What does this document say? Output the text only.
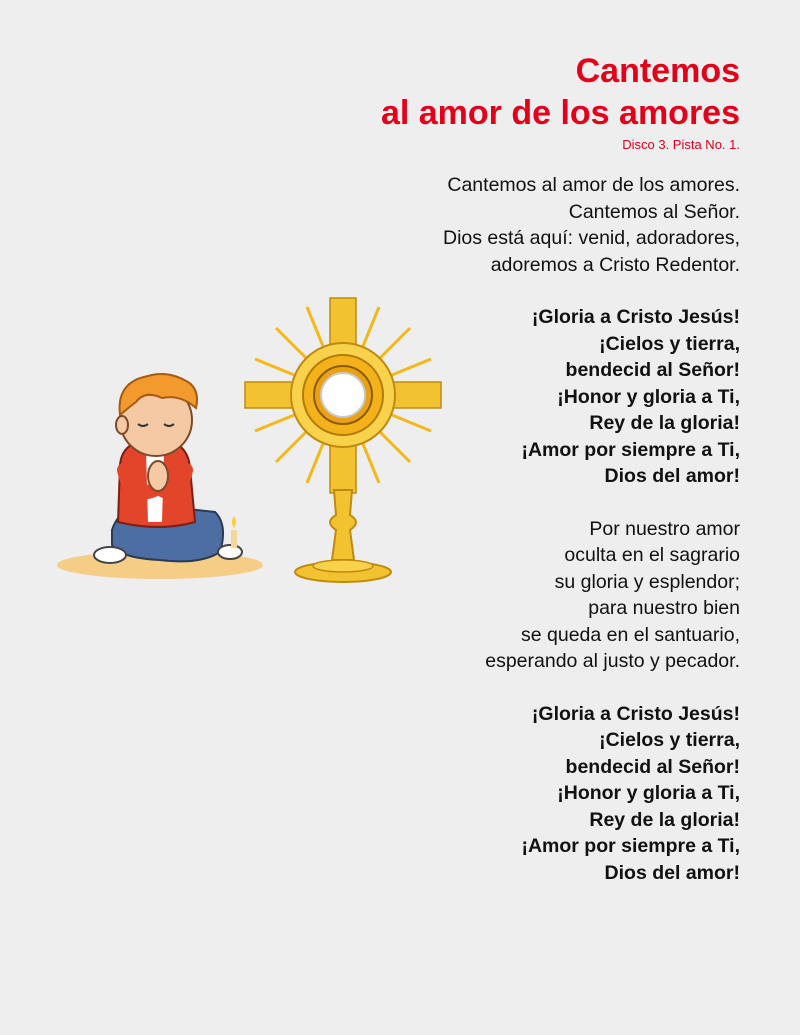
Cantemos
al amor de los amores
Disco 3. Pista No. 1.
Cantemos al amor de los amores.
Cantemos al Señor.
Dios está aquí: venid, adoradores,
adoremos a Cristo Redentor.
¡Gloria a Cristo Jesús!
¡Cielos y tierra,
bendecid al Señor!
¡Honor y gloria a Ti,
Rey de la gloria!
¡Amor por siempre a Ti,
Dios del amor!
Por nuestro amor
oculta en el sagrario
su gloria y esplendor;
para nuestro bien
se queda en el santuario,
esperando al justo y pecador.
¡Gloria a Cristo Jesús!
¡Cielos y tierra,
bendecid al Señor!
¡Honor y gloria a Ti,
Rey de la gloria!
¡Amor por siempre a Ti,
Dios del amor!
